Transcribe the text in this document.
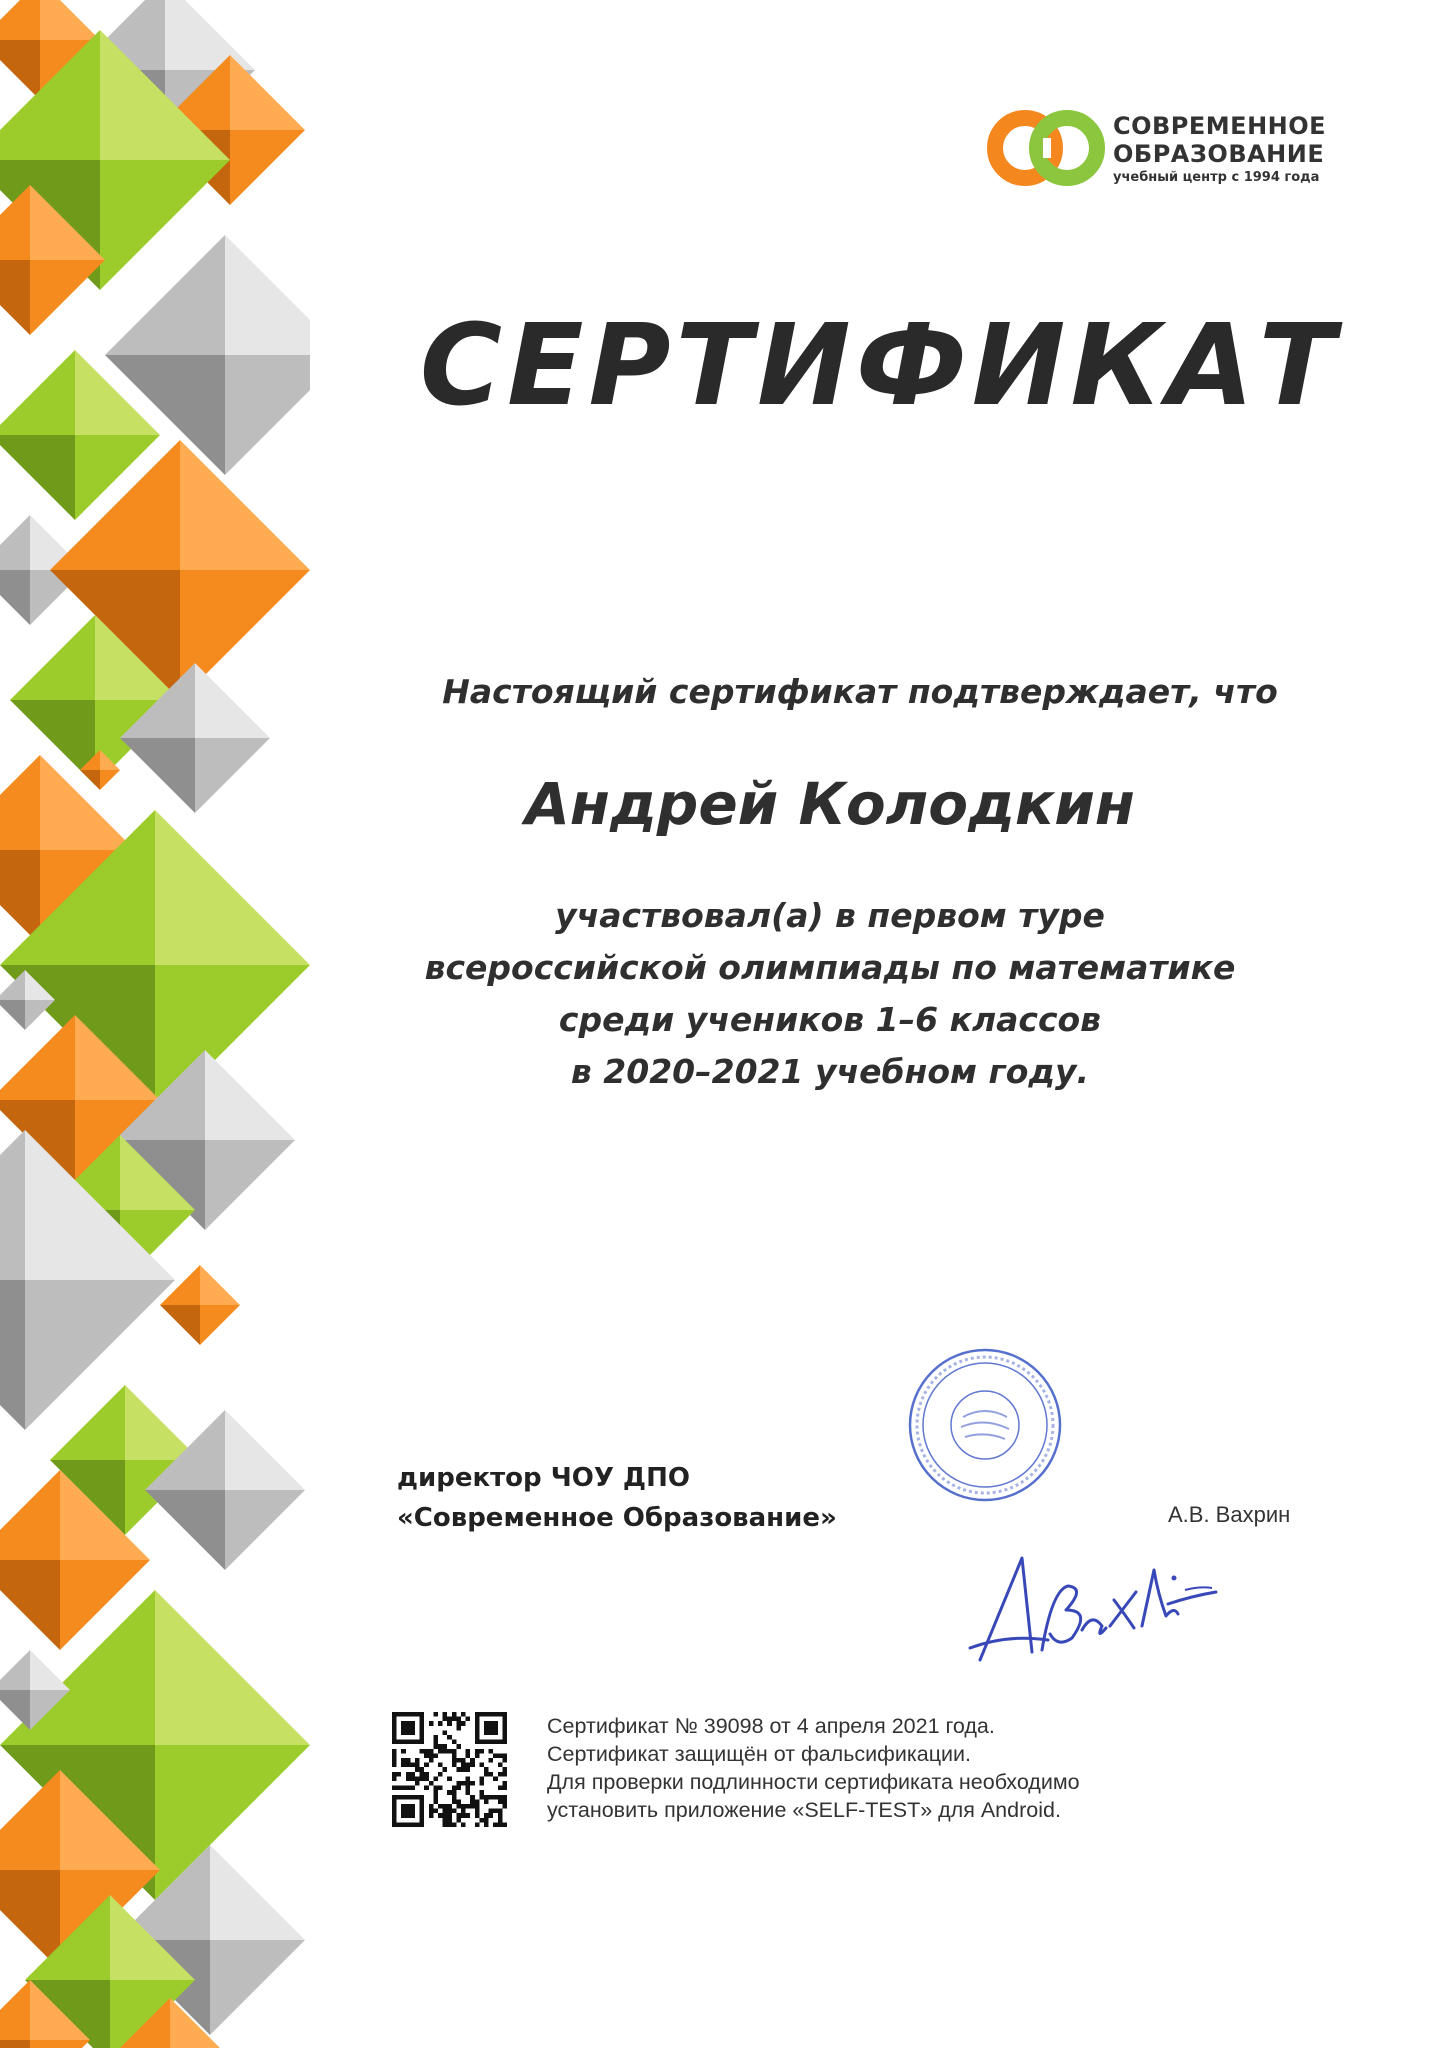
СОВРЕМЕННОЕ
ОБРАЗОВАНИЕ
учебный центр с 1994 года
СЕРТИФИКАТ
Настоящий сертификат подтверждает, что
Андрей Колодкин
участвовал(а) в первом туре
всероссийской олимпиады по математике
среди учеников 1–6 классов
в 2020–2021 учебном году.
директор ЧОУ ДПО
«Современное Образование»	А.В. Вахрин
Сертификат № 39098 от 4 апреля 2021 года.
Сертификат защищён от фальсификации.
Для проверки подлинности сертификата необходимо
установить приложение «SELF-TEST» для Android.
